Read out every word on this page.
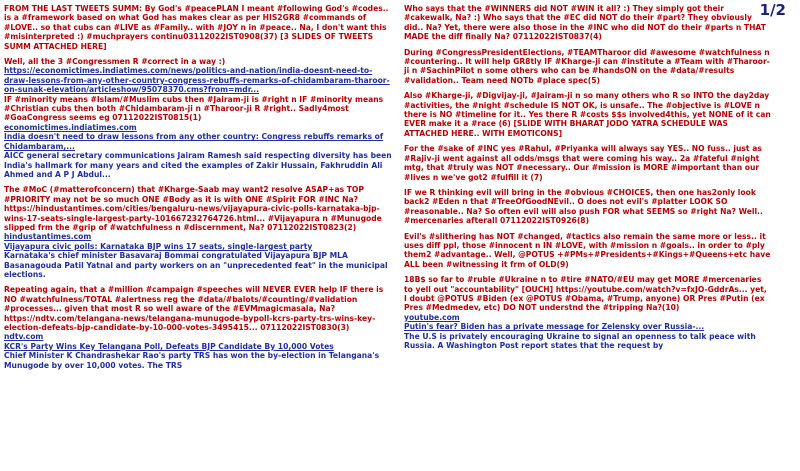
1/2
FROM THE LAST TWEETS SUMM: By God's #peacePLAN I meant #following God's #codes.. is a #framework based on what God has makes clear as per HIS2GR8 #commands of #LOVE.. so that cubs can #LIVE as #Family.. with #JOY n in #peace.. Na, I don't want this #misinterpreted :) #muchprayers continu03112022IST0908(37) [3 SLIDES OF TWEETS SUMM ATTACHED HERE]
Well, all the 3 #Congressmen R #correct in a way :)
https://economictimes.indiatimes.com/news/politics-and-nation/india-doesnt-need-to-draw-lessons-from-any-other-country-congress-rebuffs-remarks-of-chidambaram-tharoor-on-sunak-elevation/articleshow/95078370.cms?from=mdr...
IF #minority means #Islam/#Muslim cubs then #Jairam-ji is #right n IF #minority means #Christian cubs then both #Chidambaram-ji n #Tharoor-ji R #right.. Sadly4most #GoaCongress seems eg 07112022IST0815(1)
economictimes.indiatimes.com
India doesn't need to draw lessons from any other country: Congress rebuffs remarks of Chidambaram,...
AICC general secretary communications Jairam Ramesh said respecting diversity has been India's hallmark for many years and cited the examples of Zakir Hussain, Fakhruddin Ali Ahmed and A P J Abdul...
The #MoC (#matterofconcern) that #Kharge-Saab may want2 resolve ASAP+as TOP #PRIORITY may not be so much ONE #Body as it is with ONE #Spirit FOR #INC Na? https://hindustantimes.com/cities/bengaluru-news/vijayapura-civic-polls-karnataka-bjp-wins-17-seats-single-largest-party-101667232764726.html... #Vijayapura n #Munugode slipped frm the #grip of #watchfulness n #discernment, Na? 07112022IST0823(2)
hindustantimes.com
Vijayapura civic polls: Karnataka BJP wins 17 seats, single-largest party
Karnataka's chief minister Basavaraj Bommai congratulated Vijayapura BJP MLA Basanagouda Patil Yatnal and party workers on an "unprecedented feat" in the municipal elections.
Repeating again, that a #million #campaign #speeches will NEVER EVER help IF there is NO #watchfulness/TOTAL #alertness reg the #data/#balots/#counting/#validation #processes... given that most R so well aware of the #EVMmagicmasala, Na? https://ndtv.com/telangana-news/telangana-munugode-bypoll-kcrs-party-trs-wins-key-election-defeats-bjp-candidate-by-10-000-votes-3495415... 07112022IST0830(3)
ndtv.com
KCR's Party Wins Key Telangana Poll, Defeats BJP Candidate By 10,000 Votes
Chief Minister K Chandrashekar Rao's party TRS has won the by-election in Telangana's Munugode by over 10,000 votes. The TRS
Who says that the #WINNERS did NOT #WIN it all? :) They simply got their #cakewalk, Na? :) Who says that the #EC did NOT do their #part? They obviously did.. Na? Yet, there were also those in the #INC who did NOT do their #parts n THAT MADE the diff finally Na? 07112022IST0837(4)
During #CongressPresidentElections, #TEAMTharoor did #awesome #watchfulness n #countering.. It will help GR8tly IF #Kharge-ji can #institute a #Team with #Tharoor-ji n #SachinPilot n some others who can be #handsON on the #data/#results #validation.. Team need NOTb #place spec(5)
Also #Kharge-ji, #Digvijay-ji, #Jairam-ji n so many others who R so INTO the day2day #activities, the #night #schedule IS NOT OK, is unsafe.. The #objective is #LOVE n there is NO #timeline for it.. Yes there R #costs $$s involved4this, yet NONE of it can EVER make it a #race (6) [SLIDE WITH BHARAT JODO YATRA SCHEDULE WAS ATTACHED HERE.. WITH EMOTICONS]
For the #sake of #INC yes #Rahul, #Priyanka will always say YES.. NO fuss.. just as #Rajiv-ji went against all odds/msgs that were coming his way.. 2a #fateful #night mtg, that #truly was NOT #necessary.. Our #mission is MORE #important than our #lives n we've got2 #fulfill it (7)
IF we R thinking evil will bring in the #obvious #CHOICES, then one has2only look back2 #Eden n that #TreeOfGoodNEvil.. O does not evil's #platter LOOK SO #reasonable.. Na? So often evil will also push FOR what SEEMS so #right Na? Well.. #mercenaries afterall 07112022IST0926(8)
Evil's #slithering has NOT #changed, #tactics also remain the same more or less.. it uses diff ppl, those #innocent n IN #LOVE, with #mission n #goals.. in order to #ply them2 #advantage.. Well, @POTUS +#PMs+#Presidents+#Kings+#Queens+etc have ALL been #witnessing it frm of OLD(9)
18B$ so far to #ruble #Ukraine n to #tire #NATO/#EU may get MORE #mercenaries to yell out "accountability" [OUCH] https://youtube.com/watch?v=fxJO-GddrAs... yet, I doubt @POTUS #Biden (ex @POTUS #Obama, #Trump, anyone) OR Pres #Putin (ex Pres #Medmedev, etc) DO NOT understnd the #tripping Na?(10)
youtube.com
Putin's fear? Biden has a private message for Zelensky over Russia-...
The U.S is privately encouraging Ukraine to signal an openness to talk peace with Russia. A Washington Post report states that the request by
